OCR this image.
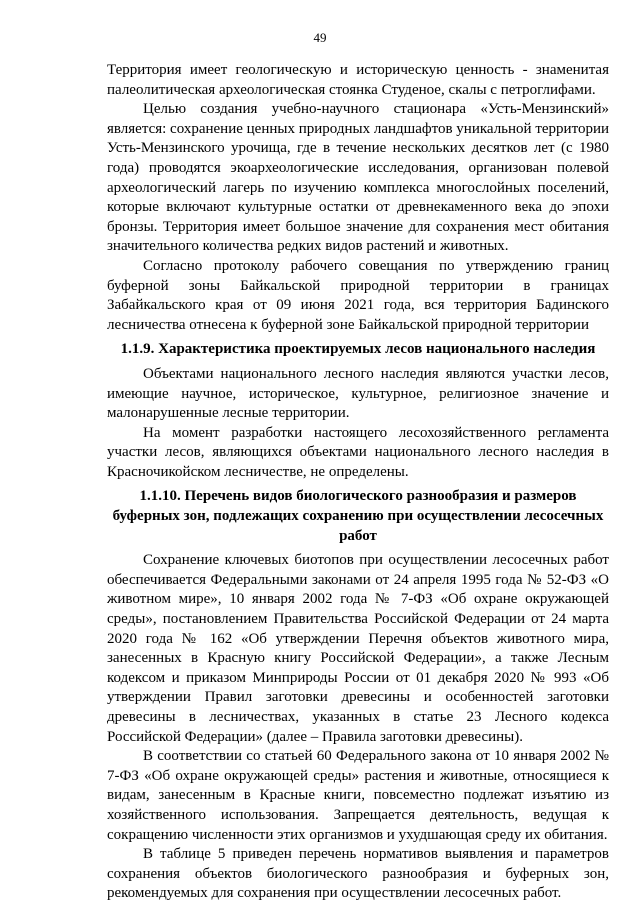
49

Территория имеет геологическую и историческую ценность - знаменитая палеолитическая археологическая стоянка Студеное, скалы с петроглифами.

Целью создания учебно-научного стационара «Усть-Мензинский» является: сохранение ценных природных ландшафтов уникальной территории Усть-Мензинского урочища, где в течение нескольких десятков лет (с 1980 года) проводятся экоархеологические исследования, организован полевой археологический лагерь по изучению комплекса многослойных поселений, которые включают культурные остатки от древнекаменного века до эпохи бронзы. Территория имеет большое значение для сохранения мест обитания значительного количества редких видов растений и животных.

Согласно протоколу рабочего совещания по утверждению границ буферной зоны Байкальской природной территории в границах Забайкальского края от 09 июня 2021 года, вся территория Бадинского лесничества отнесена к буферной зоне Байкальской природной территории

1.1.9. Характеристика проектируемых лесов национального наследия

Объектами национального лесного наследия являются участки лесов, имеющие научное, историческое, культурное, религиозное значение и малонарушенные лесные территории.

На момент разработки настоящего лесохозяйственного регламента участки лесов, являющихся объектами национального лесного наследия в Красночикойском лесничестве, не определены.

1.1.10. Перечень видов биологического разнообразия и размеров буферных зон, подлежащих сохранению при осуществлении лесосечных работ

Сохранение ключевых биотопов при осуществлении лесосечных работ обеспечивается Федеральными законами от 24 апреля 1995 года № 52-ФЗ «О животном мире», 10 января 2002 года № 7-ФЗ «Об охране окружающей среды», постановлением Правительства Российской Федерации от 24 марта 2020 года № 162 «Об утверждении Перечня объектов животного мира, занесенных в Красную книгу Российской Федерации», а также Лесным кодексом и приказом Минприроды России от 01 декабря 2020 № 993 «Об утверждении Правил заготовки древесины и особенностей заготовки древесины в лесничествах, указанных в статье 23 Лесного кодекса Российской Федерации» (далее – Правила заготовки древесины).

В соответствии со статьей 60 Федерального закона от 10 января 2002 № 7-ФЗ «Об охране окружающей среды» растения и животные, относящиеся к видам, занесенным в Красные книги, повсеместно подлежат изъятию из хозяйственного использования. Запрещается деятельность, ведущая к сокращению численности этих организмов и ухудшающая среду их обитания.

В таблице 5 приведен перечень нормативов выявления и параметров сохранения объектов биологического разнообразия и буферных зон, рекомендуемых для сохранения при осуществлении лесосечных работ.
